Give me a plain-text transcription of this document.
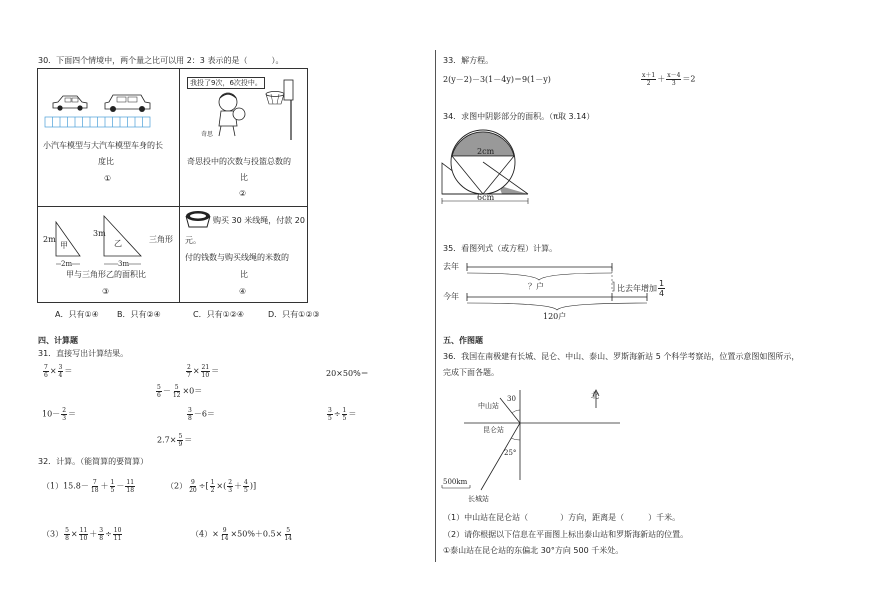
30．下面四个情境中，两个量之比可以用 2：3 表示的是（　　　）。
小汽车模型与大汽车模型车身的长
度比
①
我投了9次，6次投中。
奇思
奇思投中的次数与投篮总数的
比
②
2m
甲
2m
3m
乙
3m
三角形
甲与三角形乙的面积比
③
购买 30 米线绳，付款 20
元。
付的钱数与购买线绳的米数的
比
④
A．只有①④ B．只有②④	C．只有①②④	D．只有①②③
四、计算题
31．直接写出计算结果。
$\frac{7}{6} \times \frac{3}{4}$ ＝	$\frac{2}{7} \times \frac{21}{10}$ ＝	20×50%＝
$\frac{5}{6} - \frac{5}{12} \times 0=$
$10- \frac{2}{3}$ ＝	$\frac{3}{8} -6=$	$\frac{3}{5} \div \frac{1}{5}$ ＝
$2.7\times \frac{5}{9}$ ＝
32．计算。（能简算的要简算）
$(1)15.8- \frac{7}{18} + \frac{1}{5} - \frac{11}{18}$	$(2) \frac{9}{20}$ ÷[ $\frac{1}{2}$ ×( $\frac{2}{3} + \frac{4}{5}$ )]
$(3) \frac{5}{8} \times \frac{11}{10} + \frac{3}{8} \div \frac{10}{11}$	$(4)\times \frac{9}{14} \times 50\%+0.5\times \frac{5}{14}$
33．解方程。
2(y－2)－3(1－4y)＝9(1－y)	$\frac{x+1}{2} + \frac{x-4}{3} =2$
34．求图中阴影部分的面积。（π取 3.14）
2cm
6cm
35．看图列式（或方程）计算。
去年
今年
？户	比去年增加 $\frac{1}{4}$
120户
五、作图题
36．我国在南极建有长城、昆仑、中山、泰山、罗斯海新站 5 个科学考察站，位置示意图如图所示，
完成下面各题。
北
中山站
30
昆仑站
25°
500km
长城站
（1）中山站在昆仑站（　　　　）方向，距离是（　　　）千米。
（2）请你根据以下信息在平面图上标出泰山站和罗斯海新站的位置。
①泰山站在昆仑站的东偏北 30°方向 500 千米处。
